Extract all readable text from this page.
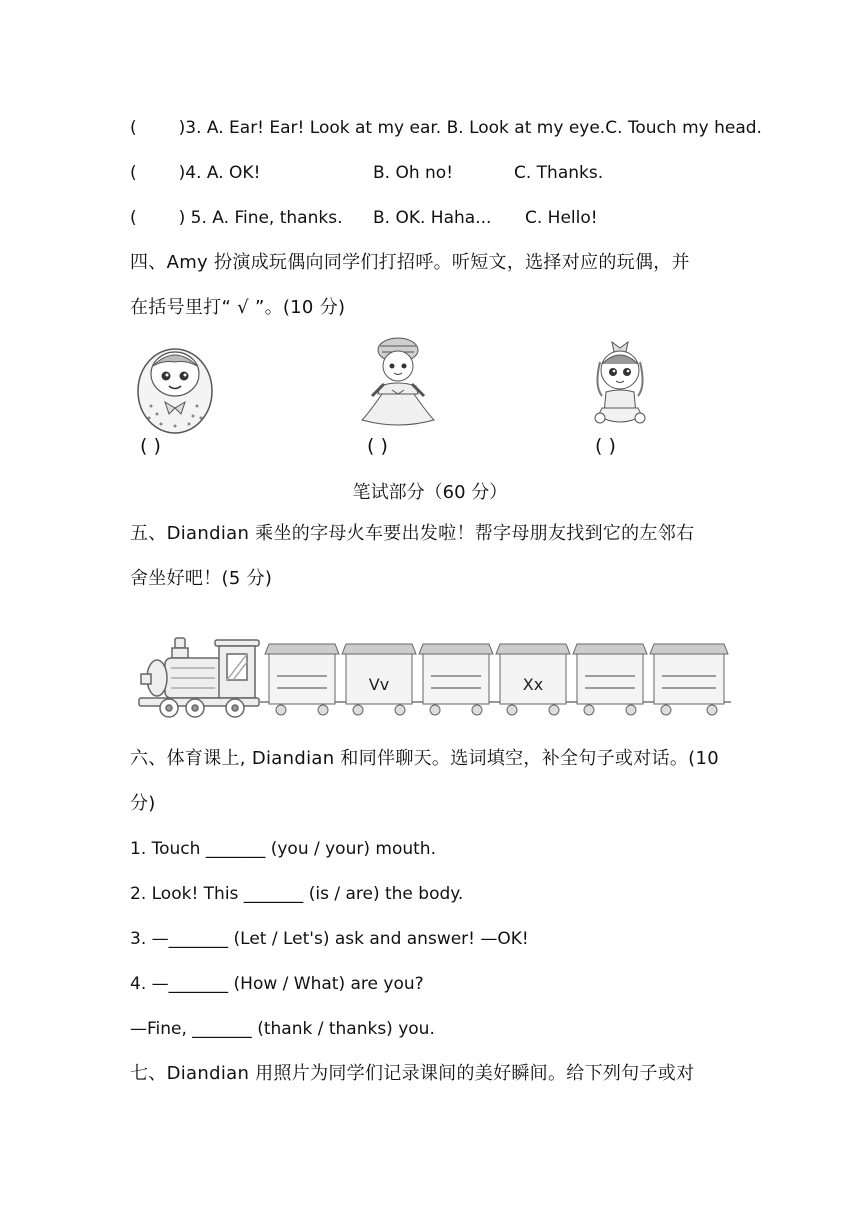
( )3. A. Ear! Ear! Look at my ear. B. Look at my eye.C. Touch my head.
( )4. A. OK!	B. Oh no!	C. Thanks.
( ) 5. A. Fine, thanks. B. OK. Haha... C. Hello!
四、Amy 扮演成玩偶向同学们打招呼。听短文，选择对应的玩偶，并
在括号里打“ √ ”。(10 分)
( )	( )	( )
笔试部分（60 分）
五、Diandian 乘坐的字母火车要出发啦！帮字母朋友找到它的左邻右
舍坐好吧！(5 分)
Vv	Xx
六、体育课上, Diandian 和同伴聊天。选词填空，补全句子或对话。(10
分)
1. Touch _______ (you / your) mouth.
2. Look! This _______ (is / are) the body.
3. —_______ (Let / Let's) ask and answer! —OK!
4. —_______ (How / What) are you?
—Fine, _______ (thank / thanks) you.
七、Diandian 用照片为同学们记录课间的美好瞬间。给下列句子或对
